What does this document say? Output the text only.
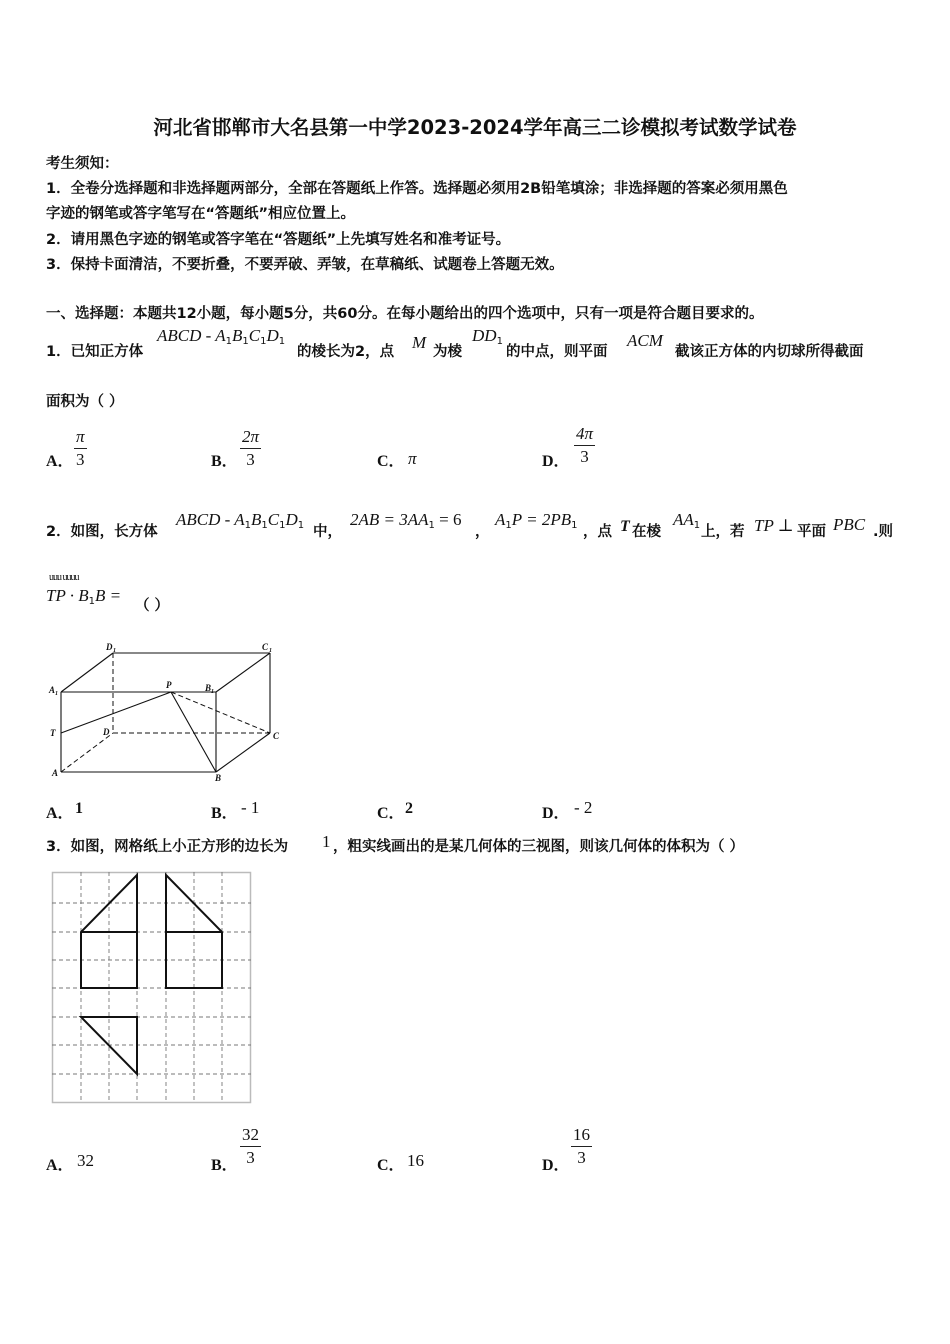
河北省邯郸市大名县第一中学2023-2024学年高三二诊模拟考试数学试卷
考生须知：
1．全卷分选择题和非选择题两部分，全部在答题纸上作答。选择题必须用2B铅笔填涂；非选择题的答案必须用黑色
字迹的钢笔或答字笔写在“答题纸”相应位置上。
2．请用黑色字迹的钢笔或答字笔在“答题纸”上先填写姓名和准考证号。
3．保持卡面清洁，不要折叠，不要弄破、弄皱，在草稿纸、试题卷上答题无效。
一、选择题：本题共12小题，每小题5分，共60分。在每小题给出的四个选项中，只有一项是符合题目要求的。
1．已知正方体
ABCD - $A_1B_1C_1D_1$
的棱长为2，点 M 为棱
$DD_1$
的中点，则平面
ACM
截该正方体的内切球所得截面
面积为（ ）
A． $\frac{\pi}{3}$	B． $\frac{2\pi}{3}$	C． π	D． $\frac{4\pi}{3}$
2．如图，长方体
ABCD - $A_1B_1C_1D_1$ 中，
$2AB = 3AA_1 = 6$
，
$A_1P = 2PB_1$ ，点 T 在棱
$AA_1$ 上，若 TP ⊥ 平面 PBC .则
uuu uuuu
TP · $B_1B$ =
（ ）
D 1	C 1
A 1
P	B 1
T	D	C
A	B
A． 1	B． - 1	C． 2	D． - 2
3．如图，网格纸上小正方形的边长为 1 ，粗实线画出的是某几何体的三视图，则该几何体的体积为（ ）
A． 32	B． $\frac{32}{3}$	C． 16	D． $\frac{16}{3}$
